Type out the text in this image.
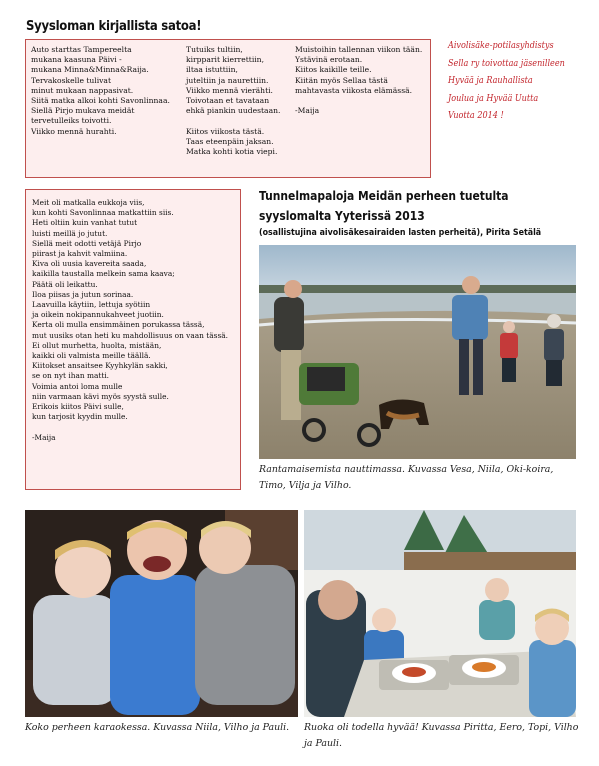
Syysloman kirjallista satoa!
Auto starttas Tampereelta
mukana kaasuna Päivi -
mukana Minna&Minna&Raija.
Tervakoskelle tulivat
minut mukaan nappasivat.
Siitä matka alkoi kohti Savonlinnaa.
Siellä Pirjo mukava meidät
tervetulleiks toivotti.
Viikko mennä hurahti.
Tutuiks tultiin,
kirpparit kierrettiin,
iltaa istuttiin,
juteltiin ja naurettiin.
Viikko mennä vierähti.
Toivotaan et tavataan
ehkä piankin uudestaan.

Kiitos viikosta tästä.
Taas eteenpäin jaksan.
Matka kohti kotia viepi.
Muistoihin tallennan viikon tään.
Ystävinä erotaan.
Kiitos kaikille teille.
Kiitän myös Sellaa tästä
mahtavasta viikosta elämässä.

-Maija
Aivolisäke-potilasyhdistys
Sella ry toivottaa jäsenilleen
Hyvää ja Rauhallista
Joulua ja Hyvää Uutta
Vuotta 2014 !
Meit oli matkalla eukkoja viis,
kun kohti Savonlinnaa matkattiin siis.
Heti oltiin kuin vanhat tutut
luisti meillä jo jutut.
Siellä meit odotti vetäjä Pirjo
piirast ja kahvit valmiina.
Kiva oli uusia kavereita saada,
kaikilla taustalla melkein sama kaava;
Päätä oli leikattu.
Iloa piisas ja jutun sorinaa.
Laavuilla käytiin, lettuja syötiin
ja oikein nokipannukahveet juotiin.
Kerta oli mulla ensimmäinen porukassa tässä,
mut uusiks otan heti ku mahdollisuus on vaan tässä.
Ei ollut murhetta, huolta, mistään,
kaikki oli valmista meille täällä.
Kiitokset ansaitsee Kyyhkylän sakki,
se on nyt ihan matti.
Voimia antoi loma mulle
niin varmaan kävi myös syystä sulle.
Erikois kiitos Päivi sulle,
kun tarjosit kyydin mulle.

-Maija
Tunnelmapaloja Meidän perheen tuetulta
syyslomalta Yyterissä 2013
(osallistujina aivolisäkesairaiden lasten perheitä), Pirita Setälä
Rantamaisemista nauttimassa. Kuvassa Vesa, Niila, Oki-koira, Timo, Vilja ja Vilho.
Koko perheen karaokessa. Kuvassa Niila, Vilho ja Pauli.	Ruoka oli todella hyvää! Kuvassa Piritta, Eero, Topi, Vilho ja Pauli.
